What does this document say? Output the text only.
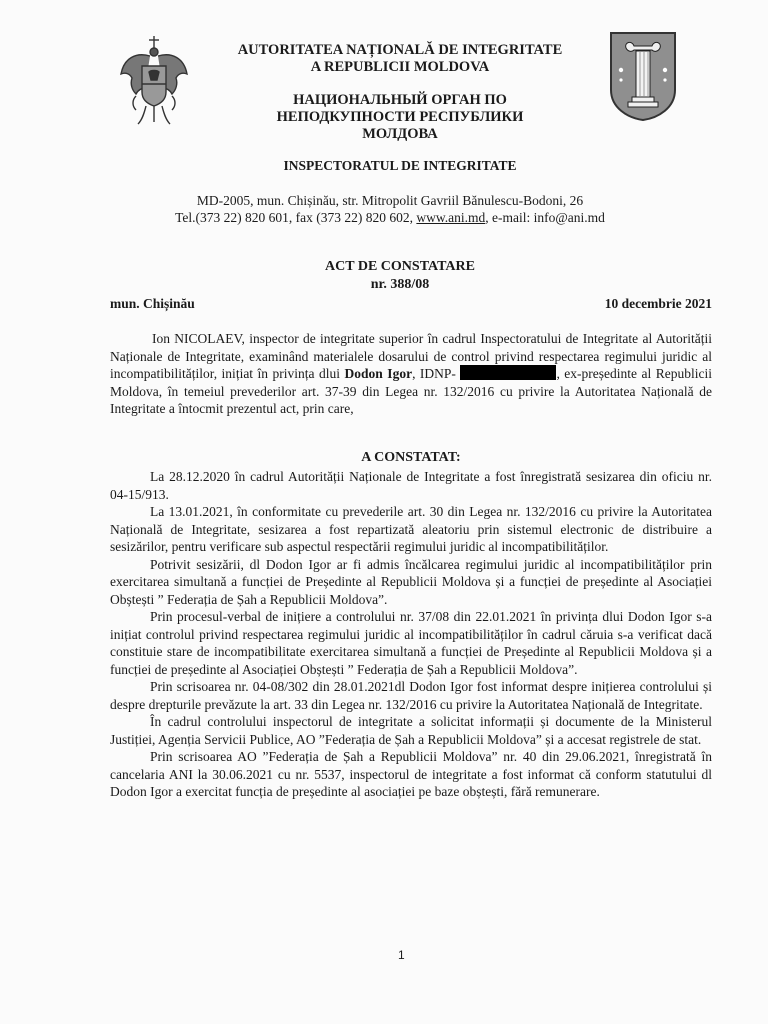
AUTORITATEA NAȚIONALĂ DE INTEGRITATE
A REPUBLICII MOLDOVA
НАЦИОНАЛЬНЫЙ ОРГАН ПО
НЕПОДКУПНОСТИ РЕСПУБЛИКИ
МОЛДОВА
INSPECTORATUL DE INTEGRITATE
MD-2005, mun. Chișinău, str. Mitropolit Gavriil Bănulescu-Bodoni, 26
Tel.(373 22) 820 601, fax (373 22) 820 602, www.ani.md, e-mail: info@ani.md
ACT DE CONSTATARE
nr. 388/08
mun. Chișinău	10 decembrie 2021

Ion NICOLAEV, inspector de integritate superior în cadrul Inspectoratului de Integritate al Autorității Naționale de Integritate, examinând materialele dosarului de control privind respectarea regimului juridic al incompatibilităților, inițiat în privința dlui Dodon Igor, IDNP-	, ex-președinte al Republicii Moldova, în temeiul prevederilor art. 37-39 din Legea nr. 132/2016 cu privire la Autoritatea Națională de Integritate a întocmit prezentul act, prin care,

A CONSTATAT:

La 28.12.2020 în cadrul Autorității Naționale de Integritate a fost înregistrată sesizarea din oficiu nr. 04-15/913.

La 13.01.2021, în conformitate cu prevederile art. 30 din Legea nr. 132/2016 cu privire la Autoritatea Națională de Integritate, sesizarea a fost repartizată aleatoriu prin sistemul electronic de distribuire a sesizărilor, pentru verificare sub aspectul respectării regimului juridic al incompatibilităților.

Potrivit sesizării, dl Dodon Igor ar fi admis încălcarea regimului juridic al incompatibilităților prin exercitarea simultană a funcției de Președinte al Republicii Moldova și a funcției de președinte al Asociației Obștești ” Federația de Șah a Republicii Moldova”.

Prin procesul-verbal de inițiere a controlului nr. 37/08 din 22.01.2021 în privința dlui Dodon Igor s-a inițiat controlul privind respectarea regimului juridic al incompatibilităților în cadrul căruia s-a verificat dacă constituie stare de incompatibilitate exercitarea simultană a funcției de Președinte al Republicii Moldova și a funcției de președinte al Asociației Obștești ” Federația de Șah a Republicii Moldova”.

Prin scrisoarea nr. 04-08/302 din 28.01.2021dl Dodon Igor fost informat despre inițierea controlului și despre drepturile prevăzute la art. 33 din Legea nr. 132/2016 cu privire la Autoritatea Națională de Integritate.

În cadrul controlului inspectorul de integritate a solicitat informații și documente de la Ministerul Justiției, Agenția Servicii Publice, AO ”Federația de Șah a Republicii Moldova” și a accesat registrele de stat.

Prin scrisoarea AO ”Federația de Șah a Republicii Moldova” nr. 40 din 29.06.2021, înregistrată în cancelaria ANI la 30.06.2021 cu nr. 5537, inspectorul de integritate a fost informat că conform statutului dl Dodon Igor a exercitat funcția de președinte al asociației pe baze obștești, fără remunerare.

1
